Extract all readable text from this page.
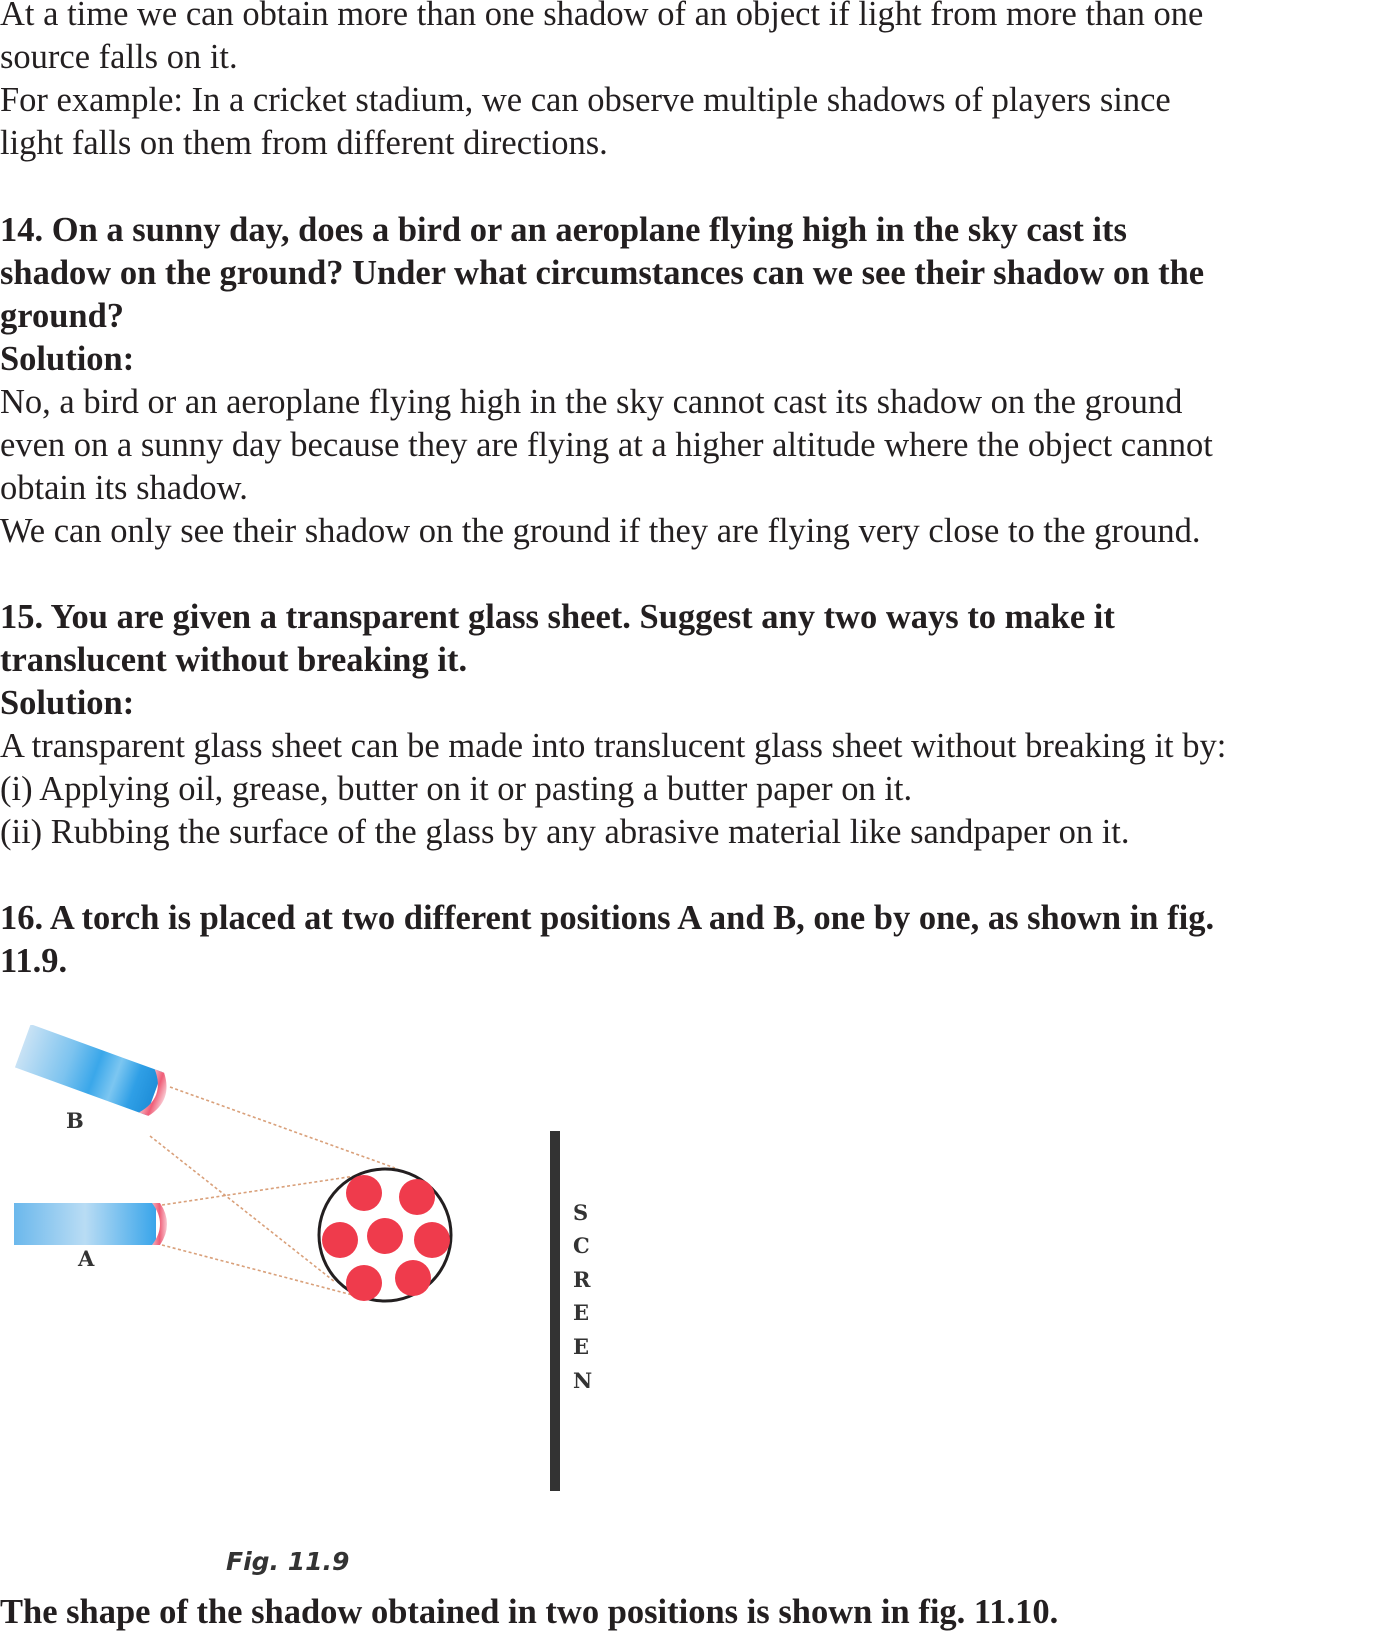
At a time we can obtain more than one shadow of an object if light from more than one

source falls on it.

For example: In a cricket stadium, we can observe multiple shadows of players since

light falls on them from different directions.

14. On a sunny day, does a bird or an aeroplane flying high in the sky cast its

shadow on the ground? Under what circumstances can we see their shadow on the

ground?

Solution:

No, a bird or an aeroplane flying high in the sky cannot cast its shadow on the ground

even on a sunny day because they are flying at a higher altitude where the object cannot

obtain its shadow.

We can only see their shadow on the ground if they are flying very close to the ground.

15. You are given a transparent glass sheet. Suggest any two ways to make it

translucent without breaking it.

Solution:

A transparent glass sheet can be made into translucent glass sheet without breaking it by:

(i) Applying oil, grease, butter on it or pasting a butter paper on it.

(ii) Rubbing the surface of the glass by any abrasive material like sandpaper on it.

16. A torch is placed at two different positions A and B, one by one, as shown in fig.

11.9.

B
A
S
C
R
E
E
N

Fig. 11.9

The shape of the shadow obtained in two positions is shown in fig. 11.10.
